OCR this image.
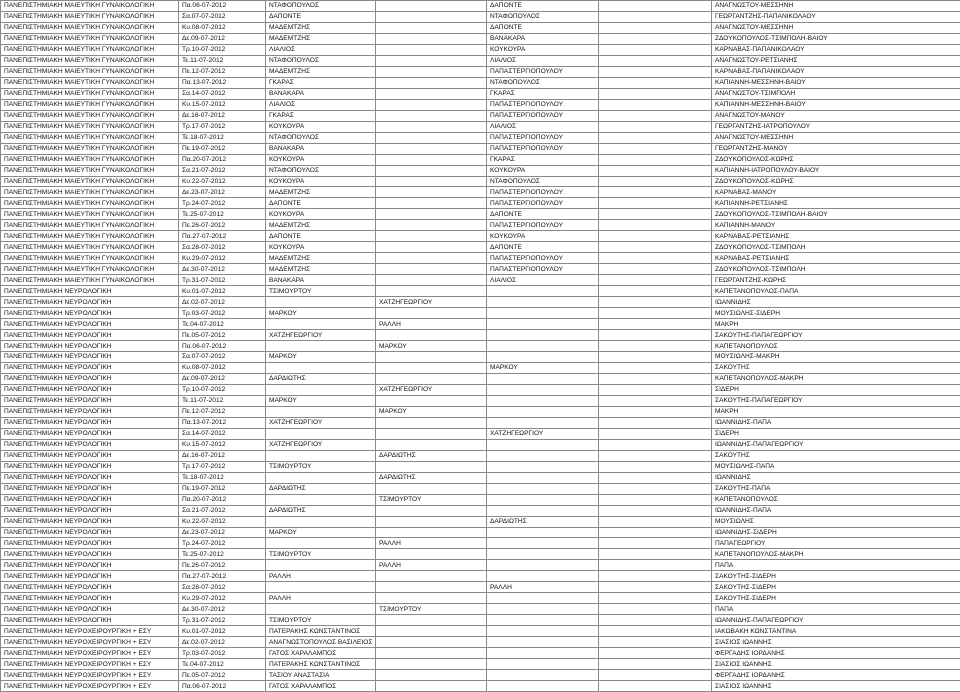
ΠΑΝΕΠΙΣΤΗΜΙΑΚΗ ΜΑΙΕΥΤΙΚΗ ΓΥΝΑΙΚΟΛΟΓΙΚΗ	Πα.06-07-2012	ΝΤΑΦΟΠΟΥΛΟΣ		ΔΑΠΟΝΤΕ		ΑΝΑΓΝΩΣΤΟΥ-ΜΕΣΣΗΝΗ
ΠΑΝΕΠΙΣΤΗΜΙΑΚΗ ΜΑΙΕΥΤΙΚΗ ΓΥΝΑΙΚΟΛΟΓΙΚΗ	Σα.07-07-2012	ΔΑΠΟΝΤΕ		ΝΤΑΦΟΠΟΥΛΟΣ		ΓΕΩΡΓΑΝΤΖΗΣ-ΠΑΠΑΝΙΚΟΛΑΟΥ
ΠΑΝΕΠΙΣΤΗΜΙΑΚΗ ΜΑΙΕΥΤΙΚΗ ΓΥΝΑΙΚΟΛΟΓΙΚΗ	Κυ.08-07-2012	ΜΑΔΕΜΤΖΗΣ		ΔΑΠΟΝΤΕ		ΑΝΑΓΝΩΣΤΟΥ-ΜΕΣΣΗΝΗ
ΠΑΝΕΠΙΣΤΗΜΙΑΚΗ ΜΑΙΕΥΤΙΚΗ ΓΥΝΑΙΚΟΛΟΓΙΚΗ	Δε.09-07-2012	ΜΑΔΕΜΤΖΗΣ		ΒΑΝΑΚΑΡΑ		ΖΔΟΥΚΟΠΟΥΛΟΣ-ΤΣΙΜΠΟΛΗ-ΒΑΙΟΥ
ΠΑΝΕΠΙΣΤΗΜΙΑΚΗ ΜΑΙΕΥΤΙΚΗ ΓΥΝΑΙΚΟΛΟΓΙΚΗ	Τρ.10-07-2012	ΛΙΑΛΙΟΣ		ΚΟΥΚΟΥΡΑ		ΚΑΡΝΑΒΑΣ-ΠΑΠΑΝΙΚΟΛΑΟΥ
ΠΑΝΕΠΙΣΤΗΜΙΑΚΗ ΜΑΙΕΥΤΙΚΗ ΓΥΝΑΙΚΟΛΟΓΙΚΗ	Τε.11-07-2012	ΝΤΑΦΟΠΟΥΛΟΣ		ΛΙΑΛΙΟΣ		ΑΝΑΓΝΩΣΤΟΥ-ΡΕΤΣΙΑΝΗΣ
ΠΑΝΕΠΙΣΤΗΜΙΑΚΗ ΜΑΙΕΥΤΙΚΗ ΓΥΝΑΙΚΟΛΟΓΙΚΗ	Πε.12-07-2012	ΜΑΔΕΜΤΖΗΣ		ΠΑΠΑΣΤΕΡΓΙΟΠΟΥΛΟΥ		ΚΑΡΝΑΒΑΣ-ΠΑΠΑΝΙΚΟΛΑΟΥ
ΠΑΝΕΠΙΣΤΗΜΙΑΚΗ ΜΑΙΕΥΤΙΚΗ ΓΥΝΑΙΚΟΛΟΓΙΚΗ	Πα.13-07-2012	ΓΚΑΡΑΣ		ΝΤΑΦΟΠΟΥΛΟΣ		ΚΑΠΙΑΝΝΗ-ΜΕΣΣΗΝΗ-ΒΑΙΟΥ
ΠΑΝΕΠΙΣΤΗΜΙΑΚΗ ΜΑΙΕΥΤΙΚΗ ΓΥΝΑΙΚΟΛΟΓΙΚΗ	Σα.14-07-2012	ΒΑΝΑΚΑΡΑ		ΓΚΑΡΑΣ		ΑΝΑΓΝΩΣΤΟΥ-ΤΣΙΜΠΟΛΗ
ΠΑΝΕΠΙΣΤΗΜΙΑΚΗ ΜΑΙΕΥΤΙΚΗ ΓΥΝΑΙΚΟΛΟΓΙΚΗ	Κυ.15-07-2012	ΛΙΑΛΙΟΣ		ΠΑΠΑΣΤΕΡΓΙΟΠΟΥΛΟΥ		ΚΑΠΙΑΝΝΗ-ΜΕΣΣΗΝΗ-ΒΑΙΟΥ
ΠΑΝΕΠΙΣΤΗΜΙΑΚΗ ΜΑΙΕΥΤΙΚΗ ΓΥΝΑΙΚΟΛΟΓΙΚΗ	Δε.16-07-2012	ΓΚΑΡΑΣ		ΠΑΠΑΣΤΕΡΓΙΟΠΟΥΛΟΥ		ΑΝΑΓΝΩΣΤΟΥ-ΜΑΝΟΥ
ΠΑΝΕΠΙΣΤΗΜΙΑΚΗ ΜΑΙΕΥΤΙΚΗ ΓΥΝΑΙΚΟΛΟΓΙΚΗ	Τρ.17-07-2012	ΚΟΥΚΟΥΡΑ		ΛΙΑΛΙΟΣ		ΓΕΩΡΓΑΝΤΖΗΣ-ΙΑΤΡΟΠΟΥΛΟΥ
ΠΑΝΕΠΙΣΤΗΜΙΑΚΗ ΜΑΙΕΥΤΙΚΗ ΓΥΝΑΙΚΟΛΟΓΙΚΗ	Τε.18-07-2012	ΝΤΑΦΟΠΟΥΛΟΣ		ΠΑΠΑΣΤΕΡΓΙΟΠΟΥΛΟΥ		ΑΝΑΓΝΩΣΤΟΥ-ΜΕΣΣΗΝΗ
ΠΑΝΕΠΙΣΤΗΜΙΑΚΗ ΜΑΙΕΥΤΙΚΗ ΓΥΝΑΙΚΟΛΟΓΙΚΗ	Πε.19-07-2012	ΒΑΝΑΚΑΡΑ		ΠΑΠΑΣΤΕΡΓΙΟΠΟΥΛΟΥ		ΓΕΩΡΓΑΝΤΖΗΣ-ΜΑΝΟΥ
ΠΑΝΕΠΙΣΤΗΜΙΑΚΗ ΜΑΙΕΥΤΙΚΗ ΓΥΝΑΙΚΟΛΟΓΙΚΗ	Πα.20-07-2012	ΚΟΥΚΟΥΡΑ		ΓΚΑΡΑΣ		ΖΔΟΥΚΟΠΟΥΛΟΣ-ΚΩΡΗΣ
ΠΑΝΕΠΙΣΤΗΜΙΑΚΗ ΜΑΙΕΥΤΙΚΗ ΓΥΝΑΙΚΟΛΟΓΙΚΗ	Σα.21-07-2012	ΝΤΑΦΟΠΟΥΛΟΣ		ΚΟΥΚΟΥΡΑ		ΚΑΠΙΑΝΝΗ-ΙΑΤΡΟΠΟΥΛΟΥ-ΒΑΙΟΥ
ΠΑΝΕΠΙΣΤΗΜΙΑΚΗ ΜΑΙΕΥΤΙΚΗ ΓΥΝΑΙΚΟΛΟΓΙΚΗ	Κυ.22-07-2012	ΚΟΥΚΟΥΡΑ		ΝΤΑΦΟΠΟΥΛΟΣ		ΖΔΟΥΚΟΠΟΥΛΟΣ-ΚΩΡΗΣ
ΠΑΝΕΠΙΣΤΗΜΙΑΚΗ ΜΑΙΕΥΤΙΚΗ ΓΥΝΑΙΚΟΛΟΓΙΚΗ	Δε.23-07-2012	ΜΑΔΕΜΤΖΗΣ		ΠΑΠΑΣΤΕΡΓΙΟΠΟΥΛΟΥ		ΚΑΡΝΑΒΑΣ-ΜΑΝΟΥ
ΠΑΝΕΠΙΣΤΗΜΙΑΚΗ ΜΑΙΕΥΤΙΚΗ ΓΥΝΑΙΚΟΛΟΓΙΚΗ	Τρ.24-07-2012	ΔΑΠΟΝΤΕ		ΠΑΠΑΣΤΕΡΓΙΟΠΟΥΛΟΥ		ΚΑΠΙΑΝΝΗ-ΡΕΤΣΙΑΝΗΣ
ΠΑΝΕΠΙΣΤΗΜΙΑΚΗ ΜΑΙΕΥΤΙΚΗ ΓΥΝΑΙΚΟΛΟΓΙΚΗ	Τε.25-07-2012	ΚΟΥΚΟΥΡΑ		ΔΑΠΟΝΤΕ		ΖΔΟΥΚΟΠΟΥΛΟΣ-ΤΣΙΜΠΟΛΗ-ΒΑΙΟΥ
ΠΑΝΕΠΙΣΤΗΜΙΑΚΗ ΜΑΙΕΥΤΙΚΗ ΓΥΝΑΙΚΟΛΟΓΙΚΗ	Πε.26-07-2012	ΜΑΔΕΜΤΖΗΣ		ΠΑΠΑΣΤΕΡΓΙΟΠΟΥΛΟΥ		ΚΑΠΙΑΝΝΗ-ΜΑΝΟΥ
ΠΑΝΕΠΙΣΤΗΜΙΑΚΗ ΜΑΙΕΥΤΙΚΗ ΓΥΝΑΙΚΟΛΟΓΙΚΗ	Πα.27-07-2012	ΔΑΠΟΝΤΕ		ΚΟΥΚΟΥΡΑ		ΚΑΡΝΑΒΑΣ-ΡΕΤΣΙΑΝΗΣ
ΠΑΝΕΠΙΣΤΗΜΙΑΚΗ ΜΑΙΕΥΤΙΚΗ ΓΥΝΑΙΚΟΛΟΓΙΚΗ	Σα.28-07-2012	ΚΟΥΚΟΥΡΑ		ΔΑΠΟΝΤΕ		ΖΔΟΥΚΟΠΟΥΛΟΣ-ΤΣΙΜΠΟΛΗ
ΠΑΝΕΠΙΣΤΗΜΙΑΚΗ ΜΑΙΕΥΤΙΚΗ ΓΥΝΑΙΚΟΛΟΓΙΚΗ	Κυ.29-07-2012	ΜΑΔΕΜΤΖΗΣ		ΠΑΠΑΣΤΕΡΓΙΟΠΟΥΛΟΥ		ΚΑΡΝΑΒΑΣ-ΡΕΤΣΙΑΝΗΣ
ΠΑΝΕΠΙΣΤΗΜΙΑΚΗ ΜΑΙΕΥΤΙΚΗ ΓΥΝΑΙΚΟΛΟΓΙΚΗ	Δε.30-07-2012	ΜΑΔΕΜΤΖΗΣ		ΠΑΠΑΣΤΕΡΓΙΟΠΟΥΛΟΥ		ΖΔΟΥΚΟΠΟΥΛΟΣ-ΤΣΙΜΠΟΛΗ
ΠΑΝΕΠΙΣΤΗΜΙΑΚΗ ΜΑΙΕΥΤΙΚΗ ΓΥΝΑΙΚΟΛΟΓΙΚΗ	Τρ.31-07-2012	ΒΑΝΑΚΑΡΑ		ΛΙΑΛΙΟΣ		ΓΕΩΡΓΑΝΤΖΗΣ-ΚΩΡΗΣ
ΠΑΝΕΠΙΣΤΗΜΙΑΚΗ ΝΕΥΡΟΛΟΓΙΚΗ	Κυ.01-07-2012	ΤΣΙΜΟΥΡΤΟΥ				ΚΑΠΕΤΑΝΟΠΟΥΛΟΣ-ΠΑΠΑ
ΠΑΝΕΠΙΣΤΗΜΙΑΚΗ ΝΕΥΡΟΛΟΓΙΚΗ	Δε.02-07-2012		ΧΑΤΖΗΓΕΩΡΓΙΟΥ			ΙΩΑΝΝΙΔΗΣ
ΠΑΝΕΠΙΣΤΗΜΙΑΚΗ ΝΕΥΡΟΛΟΓΙΚΗ	Τρ.03-07-2012	ΜΑΡΚΟΥ				ΜΟΥΣΙΩΛΗΣ-ΣΙΔΕΡΗ
ΠΑΝΕΠΙΣΤΗΜΙΑΚΗ ΝΕΥΡΟΛΟΓΙΚΗ	Τε.04-07-2012		ΡΑΛΛΗ			ΜΑΚΡΗ
ΠΑΝΕΠΙΣΤΗΜΙΑΚΗ ΝΕΥΡΟΛΟΓΙΚΗ	Πε.05-07-2012	ΧΑΤΖΗΓΕΩΡΓΙΟΥ				ΣΑΚΟΥΤΗΣ-ΠΑΠΑΓΕΩΡΓΙΟΥ
ΠΑΝΕΠΙΣΤΗΜΙΑΚΗ ΝΕΥΡΟΛΟΓΙΚΗ	Πα.06-07-2012		ΜΑΡΚΟΥ			ΚΑΠΕΤΑΝΟΠΟΥΛΟΣ
ΠΑΝΕΠΙΣΤΗΜΙΑΚΗ ΝΕΥΡΟΛΟΓΙΚΗ	Σα.07-07-2012	ΜΑΡΚΟΥ				ΜΟΥΣΙΩΛΗΣ-ΜΑΚΡΗ
ΠΑΝΕΠΙΣΤΗΜΙΑΚΗ ΝΕΥΡΟΛΟΓΙΚΗ	Κυ.08-07-2012			ΜΑΡΚΟΥ		ΣΑΚΟΥΤΗΣ
ΠΑΝΕΠΙΣΤΗΜΙΑΚΗ ΝΕΥΡΟΛΟΓΙΚΗ	Δε.09-07-2012	ΔΑΡΔΙΩΤΗΣ				ΚΑΠΕΤΑΝΟΠΟΥΛΟΣ-ΜΑΚΡΗ
ΠΑΝΕΠΙΣΤΗΜΙΑΚΗ ΝΕΥΡΟΛΟΓΙΚΗ	Τρ.10-07-2012		ΧΑΤΖΗΓΕΩΡΓΙΟΥ			ΣΙΔΕΡΗ
ΠΑΝΕΠΙΣΤΗΜΙΑΚΗ ΝΕΥΡΟΛΟΓΙΚΗ	Τε.11-07-2012	ΜΑΡΚΟΥ				ΣΑΚΟΥΤΗΣ-ΠΑΠΑΓΕΩΡΓΙΟΥ
ΠΑΝΕΠΙΣΤΗΜΙΑΚΗ ΝΕΥΡΟΛΟΓΙΚΗ	Πε.12-07-2012		ΜΑΡΚΟΥ			ΜΑΚΡΗ
ΠΑΝΕΠΙΣΤΗΜΙΑΚΗ ΝΕΥΡΟΛΟΓΙΚΗ	Πα.13-07-2012	ΧΑΤΖΗΓΕΩΡΓΙΟΥ				ΙΩΑΝΝΙΔΗΣ-ΠΑΠΑ
ΠΑΝΕΠΙΣΤΗΜΙΑΚΗ ΝΕΥΡΟΛΟΓΙΚΗ	Σα.14-07-2012			ΧΑΤΖΗΓΕΩΡΓΙΟΥ		ΣΙΔΕΡΗ
ΠΑΝΕΠΙΣΤΗΜΙΑΚΗ ΝΕΥΡΟΛΟΓΙΚΗ	Κυ.15-07-2012	ΧΑΤΖΗΓΕΩΡΓΙΟΥ				ΙΩΑΝΝΙΔΗΣ-ΠΑΠΑΓΕΩΡΓΙΟΥ
ΠΑΝΕΠΙΣΤΗΜΙΑΚΗ ΝΕΥΡΟΛΟΓΙΚΗ	Δε.16-07-2012		ΔΑΡΔΙΩΤΗΣ			ΣΑΚΟΥΤΗΣ
ΠΑΝΕΠΙΣΤΗΜΙΑΚΗ ΝΕΥΡΟΛΟΓΙΚΗ	Τρ.17-07-2012	ΤΣΙΜΟΥΡΤΟΥ				ΜΟΥΣΙΩΛΗΣ-ΠΑΠΑ
ΠΑΝΕΠΙΣΤΗΜΙΑΚΗ ΝΕΥΡΟΛΟΓΙΚΗ	Τε.18-07-2012		ΔΑΡΔΙΩΤΗΣ			ΙΩΑΝΝΙΔΗΣ
ΠΑΝΕΠΙΣΤΗΜΙΑΚΗ ΝΕΥΡΟΛΟΓΙΚΗ	Πε.19-07-2012	ΔΑΡΔΙΩΤΗΣ				ΣΑΚΟΥΤΗΣ-ΠΑΠΑ
ΠΑΝΕΠΙΣΤΗΜΙΑΚΗ ΝΕΥΡΟΛΟΓΙΚΗ	Πα.20-07-2012		ΤΣΙΜΟΥΡΤΟΥ			ΚΑΠΕΤΑΝΟΠΟΥΛΟΣ
ΠΑΝΕΠΙΣΤΗΜΙΑΚΗ ΝΕΥΡΟΛΟΓΙΚΗ	Σα.21-07-2012	ΔΑΡΔΙΩΤΗΣ				ΙΩΑΝΝΙΔΗΣ-ΠΑΠΑ
ΠΑΝΕΠΙΣΤΗΜΙΑΚΗ ΝΕΥΡΟΛΟΓΙΚΗ	Κυ.22-07-2012			ΔΑΡΔΙΩΤΗΣ		ΜΟΥΣΙΩΛΗΣ
ΠΑΝΕΠΙΣΤΗΜΙΑΚΗ ΝΕΥΡΟΛΟΓΙΚΗ	Δε.23-07-2012	ΜΑΡΚΟΥ				ΙΩΑΝΝΙΔΗΣ-ΣΙΔΕΡΗ
ΠΑΝΕΠΙΣΤΗΜΙΑΚΗ ΝΕΥΡΟΛΟΓΙΚΗ	Τρ.24-07-2012		ΡΑΛΛΗ			ΠΑΠΑΓΕΩΡΓΙΟΥ
ΠΑΝΕΠΙΣΤΗΜΙΑΚΗ ΝΕΥΡΟΛΟΓΙΚΗ	Τε.25-07-2012	ΤΣΙΜΟΥΡΤΟΥ				ΚΑΠΕΤΑΝΟΠΟΥΛΟΣ-ΜΑΚΡΗ
ΠΑΝΕΠΙΣΤΗΜΙΑΚΗ ΝΕΥΡΟΛΟΓΙΚΗ	Πε.26-07-2012		ΡΑΛΛΗ			ΠΑΠΑ
ΠΑΝΕΠΙΣΤΗΜΙΑΚΗ ΝΕΥΡΟΛΟΓΙΚΗ	Πα.27-07-2012	ΡΑΛΛΗ				ΣΑΚΟΥΤΗΣ-ΣΙΔΕΡΗ
ΠΑΝΕΠΙΣΤΗΜΙΑΚΗ ΝΕΥΡΟΛΟΓΙΚΗ	Σα.28-07-2012			ΡΑΛΛΗ		ΣΑΚΟΥΤΗΣ-ΣΙΔΕΡΗ
ΠΑΝΕΠΙΣΤΗΜΙΑΚΗ ΝΕΥΡΟΛΟΓΙΚΗ	Κυ.29-07-2012	ΡΑΛΛΗ				ΣΑΚΟΥΤΗΣ-ΣΙΔΕΡΗ
ΠΑΝΕΠΙΣΤΗΜΙΑΚΗ ΝΕΥΡΟΛΟΓΙΚΗ	Δε.30-07-2012		ΤΣΙΜΟΥΡΤΟΥ			ΠΑΠΑ
ΠΑΝΕΠΙΣΤΗΜΙΑΚΗ ΝΕΥΡΟΛΟΓΙΚΗ	Τρ.31-07-2012	ΤΣΙΜΟΥΡΤΟΥ				ΙΩΑΝΝΙΔΗΣ-ΠΑΠΑΓΕΩΡΓΙΟΥ
ΠΑΝΕΠΙΣΤΗΜΙΑΚΗ ΝΕΥΡΟΧΕΙΡΟΥΡΓΙΚΗ + ΕΣΥ	Κυ.01-07-2012	ΠΑΤΕΡΑΚΗΣ ΚΩΝΣΤΑΝΤΙΝΟΣ				ΙΑΚΩΒΑΚΗ ΚΩΝΣΤΑΝΤΙΝΑ
ΠΑΝΕΠΙΣΤΗΜΙΑΚΗ ΝΕΥΡΟΧΕΙΡΟΥΡΓΙΚΗ + ΕΣΥ	Δε.02-07-2012	ΑΝΑΓΝΩΣΤΟΠΟΥΛΟΣ ΒΑΣΙΛΕΙΟΣ				ΣΙΑΣΙΟΣ ΙΩΑΝΝΗΣ
ΠΑΝΕΠΙΣΤΗΜΙΑΚΗ ΝΕΥΡΟΧΕΙΡΟΥΡΓΙΚΗ + ΕΣΥ	Τρ.03-07-2012	ΓΑΤΟΣ ΧΑΡΑΛΑΜΠΟΣ				ΦΕΡΓΑΔΗΣ ΙΟΡΔΑΝΗΣ
ΠΑΝΕΠΙΣΤΗΜΙΑΚΗ ΝΕΥΡΟΧΕΙΡΟΥΡΓΙΚΗ + ΕΣΥ	Τε.04-07-2012	ΠΑΤΕΡΑΚΗΣ ΚΩΝΣΤΑΝΤΙΝΟΣ				ΣΙΑΣΙΟΣ ΙΩΑΝΝΗΣ
ΠΑΝΕΠΙΣΤΗΜΙΑΚΗ ΝΕΥΡΟΧΕΙΡΟΥΡΓΙΚΗ + ΕΣΥ	Πε.05-07-2012	ΤΑΣΙΟΥ ΑΝΑΣΤΑΣΙΑ				ΦΕΡΓΑΔΗΣ ΙΟΡΔΑΝΗΣ
ΠΑΝΕΠΙΣΤΗΜΙΑΚΗ ΝΕΥΡΟΧΕΙΡΟΥΡΓΙΚΗ + ΕΣΥ	Πα.06-07-2012	ΓΑΤΟΣ ΧΑΡΑΛΑΜΠΟΣ				ΣΙΑΣΙΟΣ ΙΩΑΝΝΗΣ
